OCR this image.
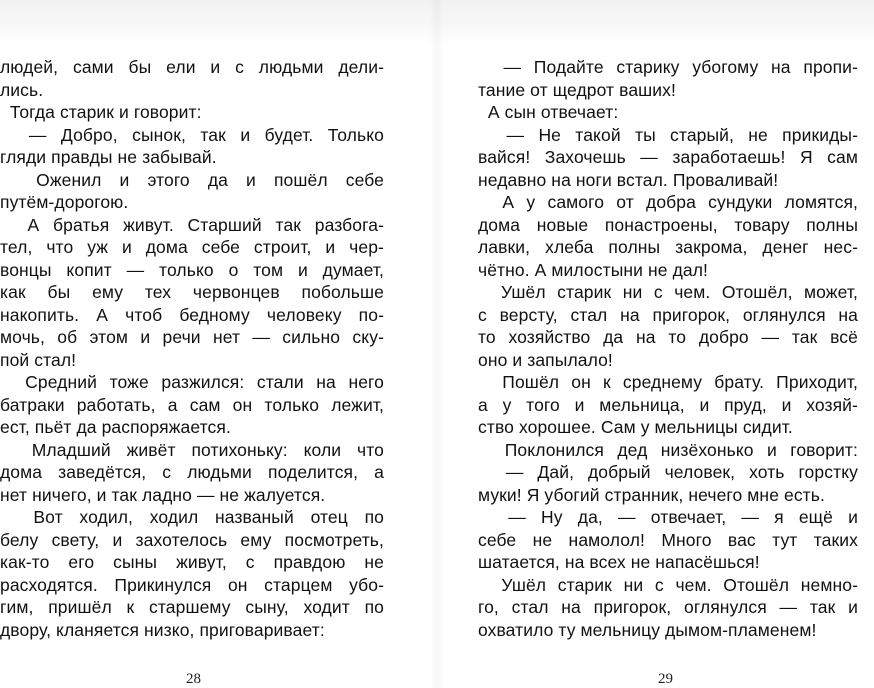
людей, сами бы ели и с людьми дели-
лись.
Тогда старик и говорит:
— Добро, сынок, так и будет. Только
гляди правды не забывай.
Оженил и этого да и пошёл себе
путём-дорогою.
А братья живут. Старший так разбога-
тел, что уж и дома себе строит, и чер-
вонцы копит — только о том и думает,
как бы ему тех червонцев побольше
накопить. А чтоб бедному человеку по-
мочь, об этом и речи нет — сильно ску-
пой стал!
Средний тоже разжился: стали на него
батраки работать, а сам он только лежит,
ест, пьёт да распоряжается.
Младший живёт потихоньку: коли что
дома заведётся, с людьми поделится, а
нет ничего, и так ладно — не жалуется.
Вот ходил, ходил названый отец по
белу свету, и захотелось ему посмотреть,
как-то его сыны живут, с правдою не
расходятся. Прикинулся он старцем убо-
гим, пришёл к старшему сыну, ходит по
двору, кланяется низко, приговаривает:
— Подайте старику убогому на пропи-
тание от щедрот ваших!
А сын отвечает:
— Не такой ты старый, не прикиды-
вайся! Захочешь — заработаешь! Я сам
недавно на ноги встал. Проваливай!
А у самого от добра сундуки ломятся,
дома новые понастроены, товару полны
лавки, хлеба полны закрома, денег нес-
чётно. А милостыни не дал!
Ушёл старик ни с чем. Отошёл, может,
с версту, стал на пригорок, оглянулся на
то хозяйство да на то добро — так всё
оно и запылало!
Пошёл он к среднему брату. Приходит,
а у того и мельница, и пруд, и хозяй-
ство хорошее. Сам у мельницы сидит.
Поклонился дед низёхонько и говорит:
— Дай, добрый человек, хоть горстку
муки! Я убогий странник, нечего мне есть.
— Ну да, — отвечает, — я ещё и
себе не намолол! Много вас тут таких
шатается, на всех не напасёшься!
Ушёл старик ни с чем. Отошёл немно-
го, стал на пригорок, оглянулся — так и
охватило ту мельницу дымом-пламенем!
28	29
